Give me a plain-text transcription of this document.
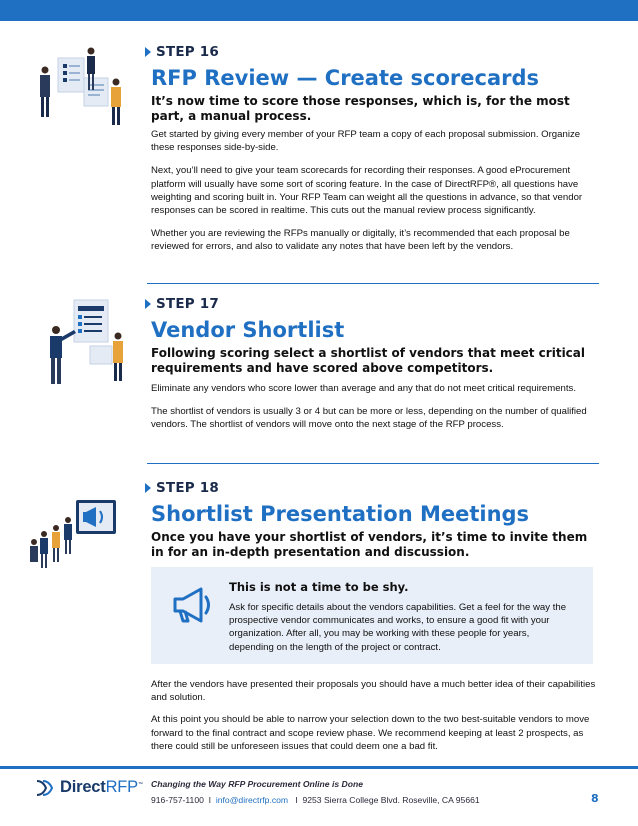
STEP 16
RFP Review — Create scorecards
It’s now time to score those responses, which is, for the most part, a manual process.
Get started by giving every member of your RFP team a copy of each proposal submission. Organize these responses side-by-side.
Next, you’ll need to give your team scorecards for recording their responses. A good eProcurement platform will usually have some sort of scoring feature. In the case of DirectRFP®, all questions have weighting and scoring built in. Your RFP Team can weight all the questions in advance, so that vendor responses can be scored in realtime. This cuts out the manual review process significantly.
Whether you are reviewing the RFPs manually or digitally, it’s recommended that each proposal be reviewed for errors, and also to validate any notes that have been left by the vendors.
STEP 17
Vendor Shortlist
Following scoring select a shortlist of vendors that meet critical requirements and have scored above competitors.
Eliminate any vendors who score lower than average and any that do not meet critical requirements.
The shortlist of vendors is usually 3 or 4 but can be more or less, depending on the number of qualified vendors. The shortlist of vendors will move onto the next stage of the RFP process.
STEP 18
Shortlist Presentation Meetings
Once you have your shortlist of vendors, it’s time to invite them in for an in-depth presentation and discussion.
This is not a time to be shy.
Ask for specific details about the vendors capabilities. Get a feel for the way the prospective vendor communicates and works, to ensure a good fit with your organization. After all, you may be working with these people for years, depending on the length of the project or contract.
After the vendors have presented their proposals you should have a much better idea of their capabilities and solution.
At this point you should be able to narrow your selection down to the two best-suitable vendors to move forward to the final contract and scope review phase. We recommend keeping at least 2 prospects, as there could still be unforeseen issues that could deem one a bad fit.
DirectRFP™ Changing the Way RFP Procurement Online is Done
916-757-1100 I info@directrfp.com I 9253 Sierra College Blvd. Roseville, CA 95661	8
